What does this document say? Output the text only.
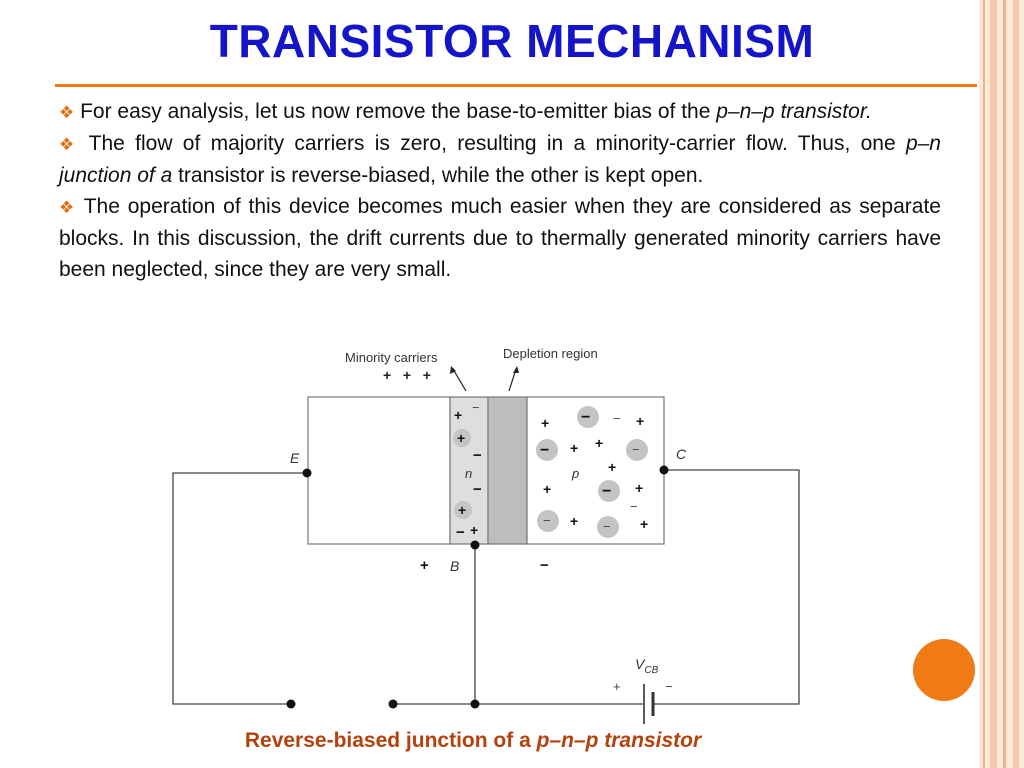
TRANSISTOR MECHANISM

❖ For easy analysis, let us now remove the base-to-emitter bias of the p–n–p transistor.

❖ The flow of majority carriers is zero, resulting in a minority-carrier flow. Thus, one p–n junction of a transistor is reverse-biased, while the other is kept open.

❖ The operation of this device becomes much easier when they are considered as separate blocks. In this discussion, the drift currents due to thermally generated minority carriers have been neglected, since they are very small.

Minority carriers	Depletion region
+   +   +
n	p
+ −
+
−
−
+
− +
−
−	−
−
−	−
−
−
+	+
+ +
+
+	+
+	+
E	C
B
+	−
+	−
$V_{CB}$
Reverse-biased junction of a p–n–p transistor
